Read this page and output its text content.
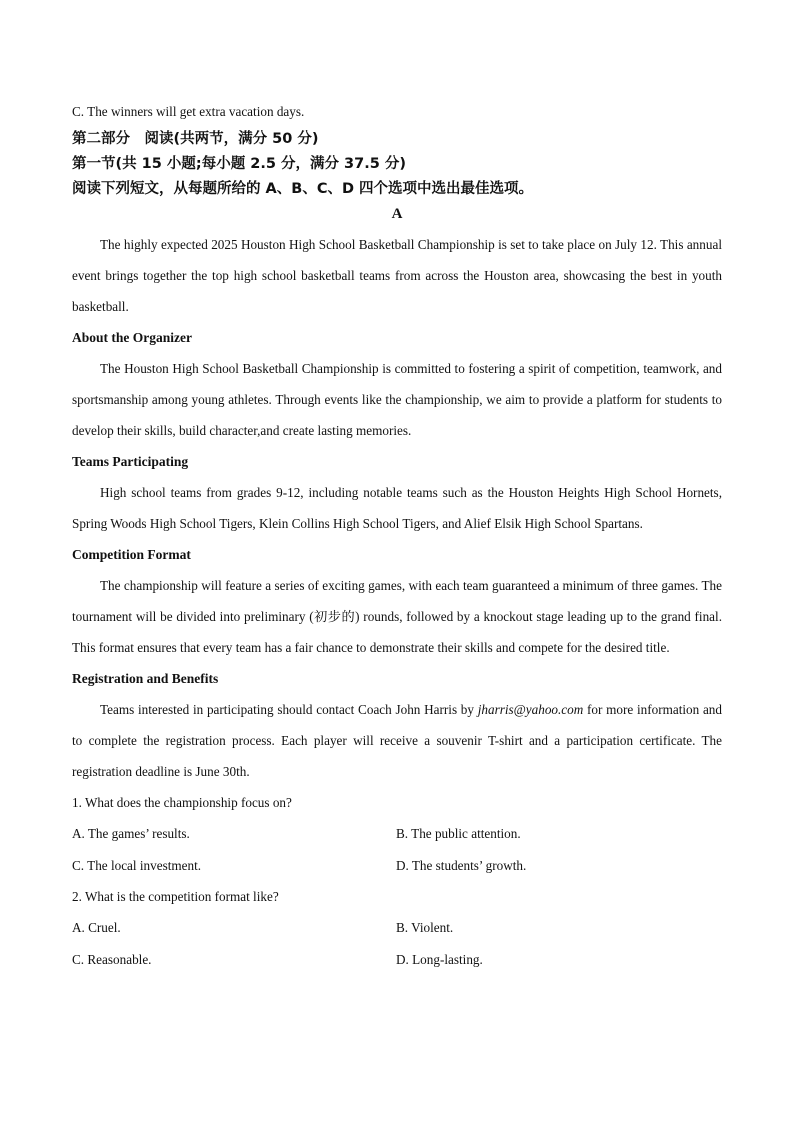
C. The winners will get extra vacation days.
第二部分　阅读(共两节，满分 50 分)
第一节(共 15 小题;每小题 2.5 分，满分 37.5 分)
阅读下列短文，从每题所给的 A、B、C、D 四个选项中选出最佳选项。
A
The highly expected 2025 Houston High School Basketball Championship is set to take place on July 12. This annual event brings together the top high school basketball teams from across the Houston area, showcasing the best in youth basketball.
About the Organizer
The Houston High School Basketball Championship is committed to fostering a spirit of competition, teamwork, and sportsmanship among young athletes. Through events like the championship, we aim to provide a platform for students to develop their skills, build character,and create lasting memories.
Teams Participating
High school teams from grades 9-12, including notable teams such as the Houston Heights High School Hornets, Spring Woods High School Tigers, Klein Collins High School Tigers, and Alief Elsik High School Spartans.
Competition Format
The championship will feature a series of exciting games, with each team guaranteed a minimum of three games. The tournament will be divided into preliminary (初步的) rounds, followed by a knockout stage leading up to the grand final. This format ensures that every team has a fair chance to demonstrate their skills and compete for the desired title.
Registration and Benefits
Teams interested in participating should contact Coach John Harris by jharris@yahoo.com for more information and to complete the registration process. Each player will receive a souvenir T-shirt and a participation certificate. The registration deadline is June 30th.
1. What does the championship focus on?
A. The games’ results.	B. The public attention.
C. The local investment.	D. The students’ growth.
2. What is the competition format like?
A. Cruel.	B. Violent.
C. Reasonable.	D. Long-lasting.
